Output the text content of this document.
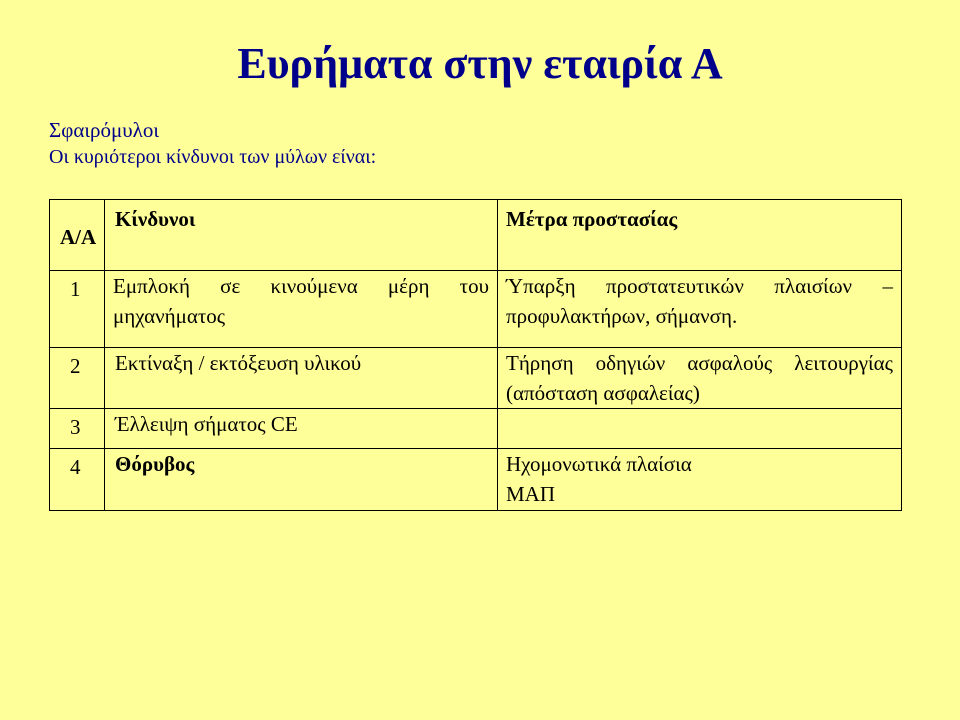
Ευρήματα στην εταιρία Α
Σφαιρόμυλοι
Οι κυριότεροι κίνδυνοι των μύλων είναι:
Α/Α	Κίνδυνοι	Μέτρα προστασίας
1	Εμπλοκή σε κινούμενα μέρη του μηχανήματος	Ύπαρξη προστατευτικών πλαισίων – προφυλακτήρων, σήμανση.
2	Εκτίναξη / εκτόξευση υλικού	Τήρηση οδηγιών ασφαλούς λειτουργίας (απόσταση ασφαλείας)
3	Έλλειψη σήματος CE	
4	Θόρυβος	Ηχομονωτικά πλαίσια
ΜΑΠ
